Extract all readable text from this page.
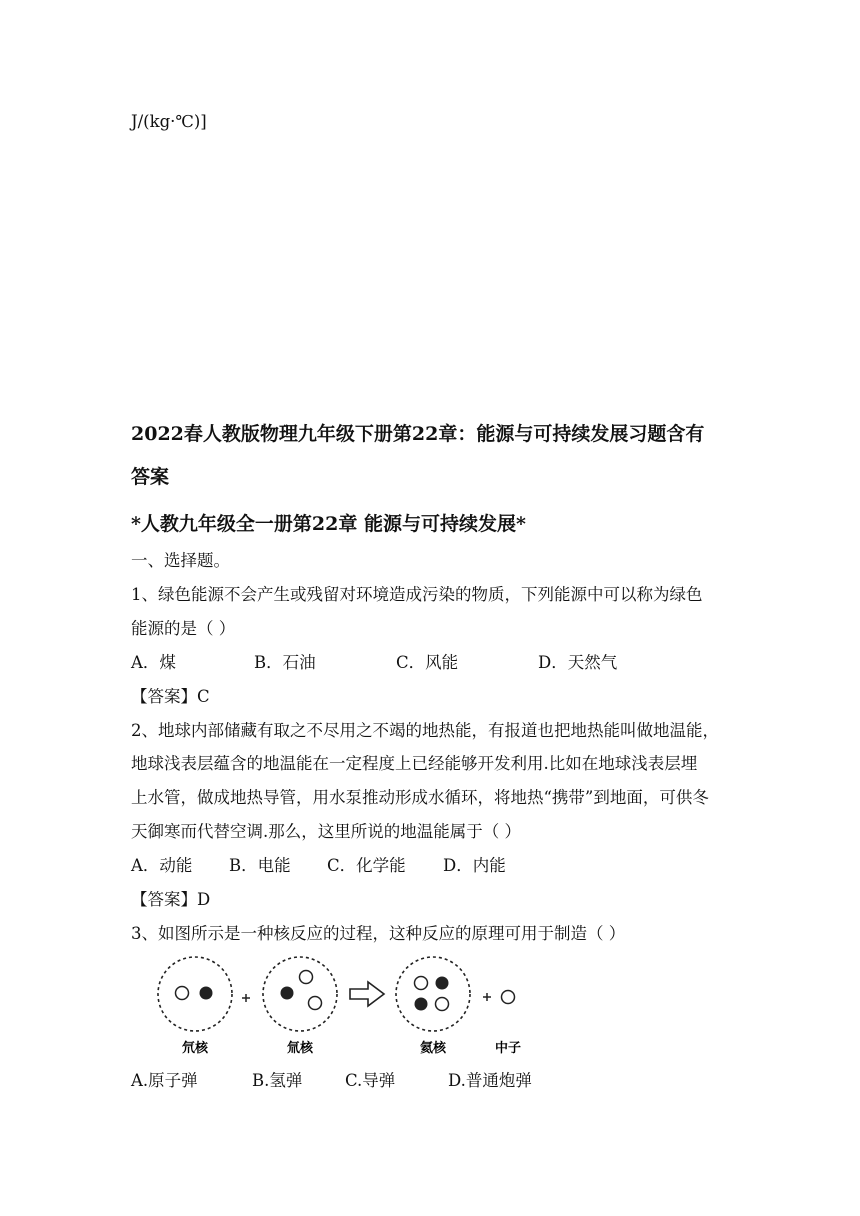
J/(kg·℃)]
2022春人教版物理九年级下册第22章：能源与可持续发展习题含有
答案
*人教九年级全一册第22章 能源与可持续发展*
一、选择题。
1、绿色能源不会产生或残留对环境造成污染的物质，下列能源中可以称为绿色
能源的是（ ）
A．煤	B．石油	C．风能	D．天然气
【答案】C
2、地球内部储藏有取之不尽用之不竭的地热能，有报道也把地热能叫做地温能，
地球浅表层蕴含的地温能在一定程度上已经能够开发利用.比如在地球浅表层埋
上水管，做成地热导管，用水泵推动形成水循环，将地热“携带”到地面，可供冬
天御寒而代替空调.那么，这里所说的地温能属于（ ）
A．动能 B．电能 C．化学能 D．内能
【答案】D
3、如图所示是一种核反应的过程，这种反应的原理可用于制造（ ）
氘核	氚核	氦核	中子
A.原子弹	B.氢弹	C.导弹	D.普通炮弹
